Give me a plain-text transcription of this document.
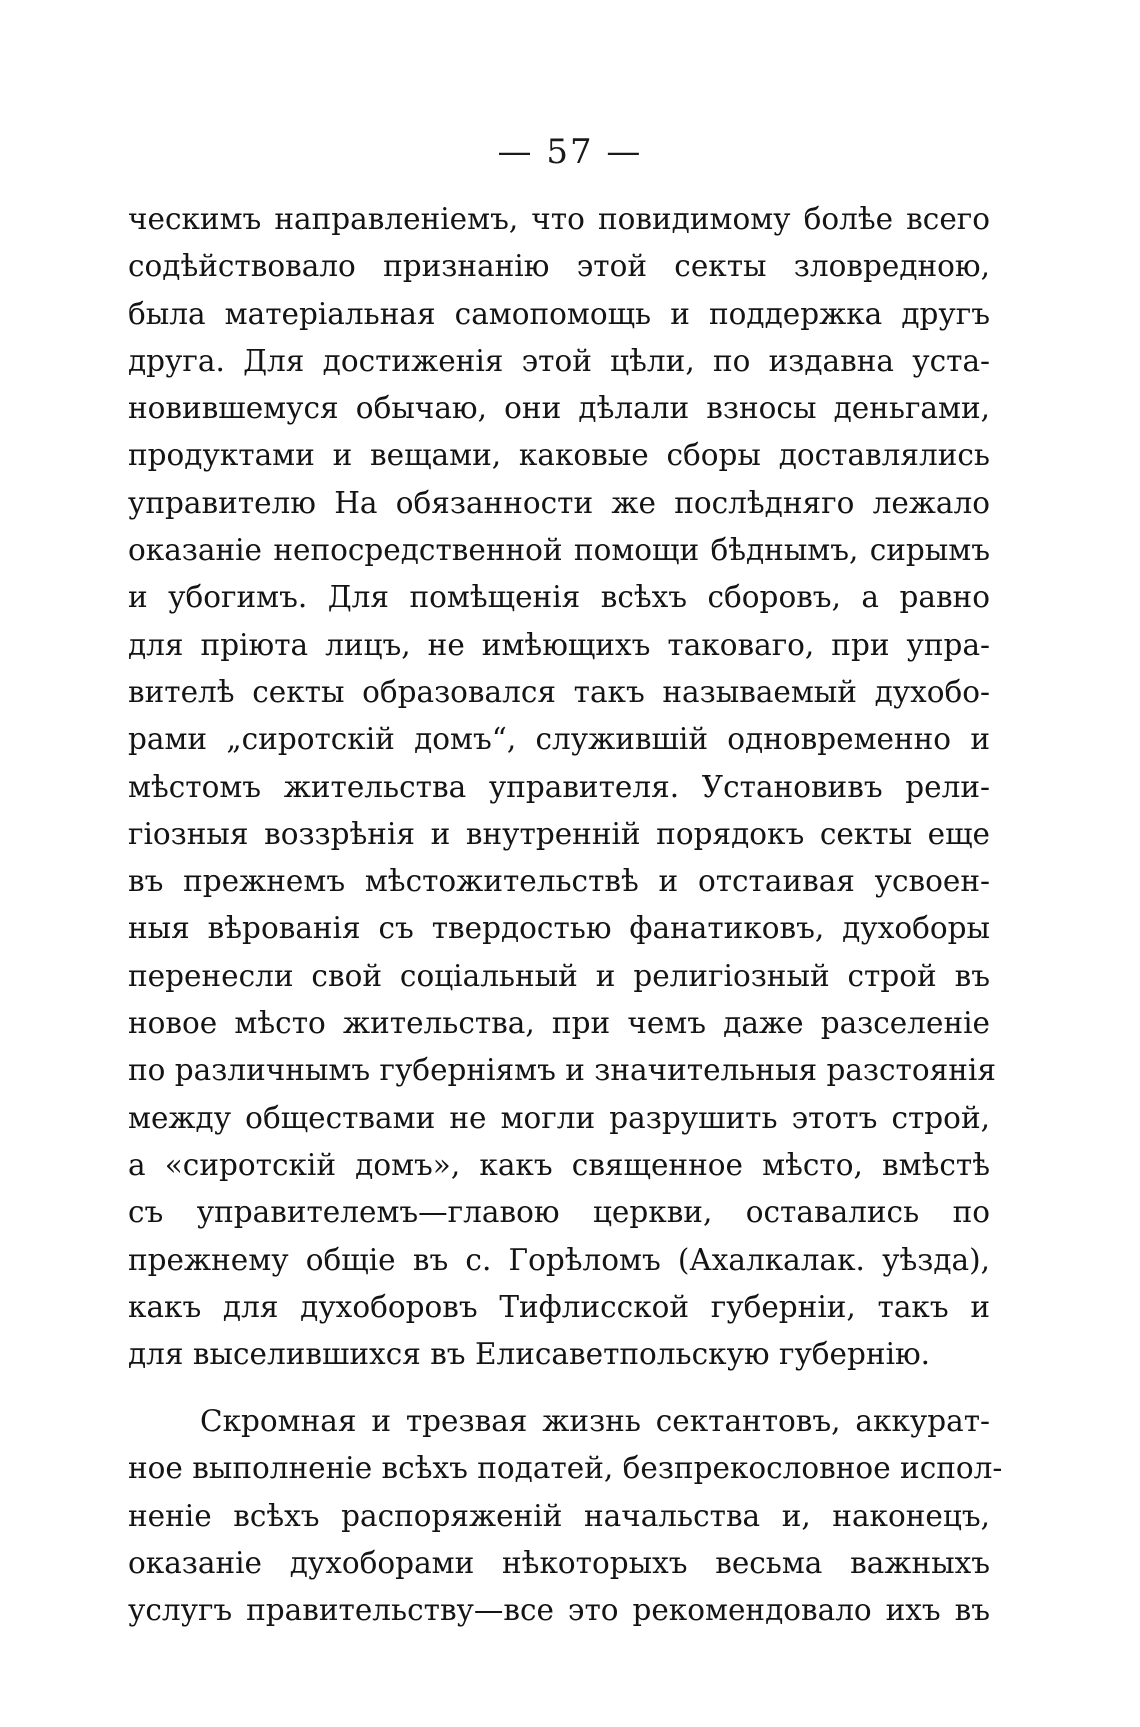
— 57 —
ческимъ направленіемъ, что повидимому болѣе всего
содѣйствовало признанію этой секты зловредною,
была матеріальная самопомощь и поддержка другъ
друга. Для достиженія этой цѣли, по издавна уста-
новившемуся обычаю, они дѣлали взносы деньгами,
продуктами и вещами, каковые сборы доставлялись
управителю На обязанности же послѣдняго лежало
оказаніе непосредственной помощи бѣднымъ, сирымъ
и убогимъ. Для помѣщенія всѣхъ сборовъ, а равно
для пріюта лицъ, не имѣющихъ таковаго, при упра-
вителѣ секты образовался такъ называемый духобо-
рами „сиротскій домъ“, служившій одновременно и
мѣстомъ жительства управителя. Установивъ рели-
гіозныя воззрѣнія и внутренній порядокъ секты еще
въ прежнемъ мѣстожительствѣ и отстаивая усвоен-
ныя вѣрованія съ твердостью фанатиковъ, духоборы
перенесли свой соціальный и религіозный строй въ
новое мѣсто жительства, при чемъ даже разселеніе
по различнымъ губерніямъ и значительныя разстоянія
между обществами не могли разрушить этотъ строй,
а «сиротскій домъ», какъ священное мѣсто, вмѣстѣ
съ управителемъ—главою церкви, оставались по
прежнему общіе въ с. Горѣломъ (Ахалкалак. уѣзда),
какъ для духоборовъ Тифлисской губерніи, такъ и
для выселившихся въ Елисаветпольскую губернію.
Скромная и трезвая жизнь сектантовъ, аккурат-
ное выполненіе всѣхъ податей, безпрекословное испол-
неніе всѣхъ распоряженій начальства и, наконецъ,
оказаніе духоборами нѣкоторыхъ весьма важныхъ
услугъ правительству—все это рекомендовало ихъ въ
